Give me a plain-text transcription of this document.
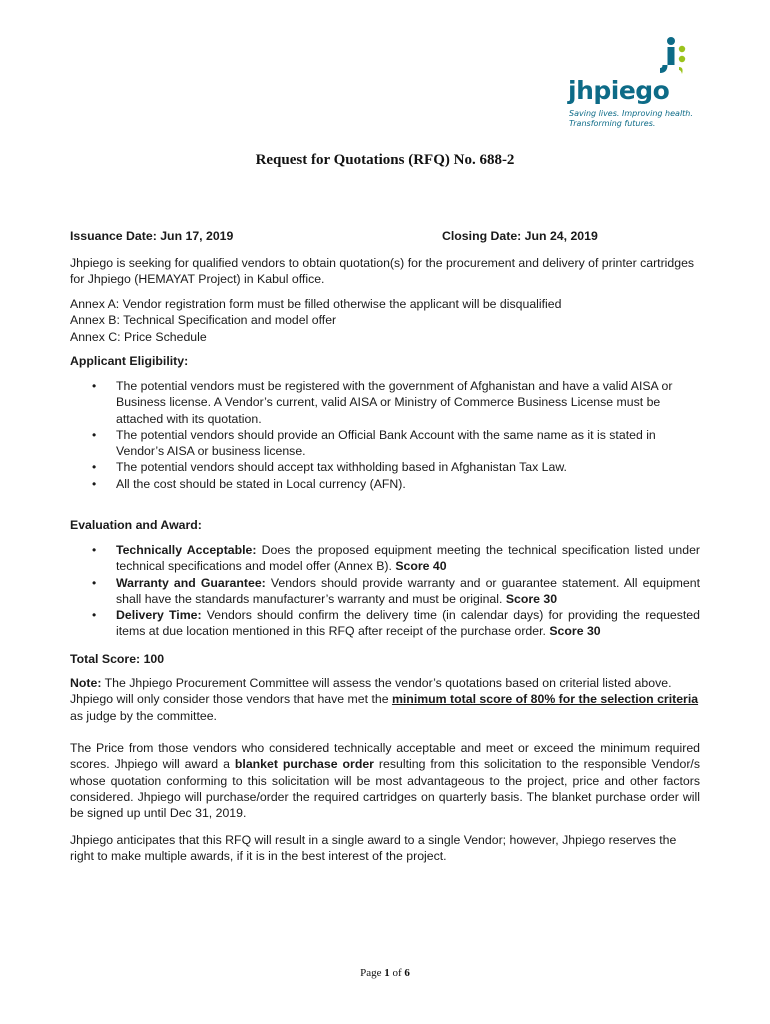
jhpiego
Saving lives. Improving health.
Transforming futures.
Request for Quotations (RFQ) No. 688-2
Issuance Date: Jun 17, 2019	Closing Date: Jun 24, 2019

Jhpiego is seeking for qualified vendors to obtain quotation(s) for the procurement and delivery of printer cartridges for Jhpiego (HEMAYAT Project) in Kabul office.

Annex A: Vendor registration form must be filled otherwise the applicant will be disqualified

Annex B: Technical Specification and model offer

Annex C: Price Schedule

Applicant Eligibility:

• The potential vendors must be registered with the government of Afghanistan and have a valid AISA or Business license. A Vendor’s current, valid AISA or Ministry of Commerce Business License must be attached with its quotation.
• The potential vendors should provide an Official Bank Account with the same name as it is stated in Vendor’s AISA or business license.
• The potential vendors should accept tax withholding based in Afghanistan Tax Law.
• All the cost should be stated in Local currency (AFN).

Evaluation and Award:

• Technically Acceptable: Does the proposed equipment meeting the technical specification listed under technical specifications and model offer (Annex B). Score 40
• Warranty and Guarantee: Vendors should provide warranty and or guarantee statement. All equipment shall have the standards manufacturer’s warranty and must be original. Score 30
• Delivery Time: Vendors should confirm the delivery time (in calendar days) for providing the requested items at due location mentioned in this RFQ after receipt of the purchase order. Score 30

Total Score: 100

Note: The Jhpiego Procurement Committee will assess the vendor’s quotations based on criterial listed above. Jhpiego will only consider those vendors that have met the minimum total score of 80% for the selection criteria as judge by the committee.

The Price from those vendors who considered technically acceptable and meet or exceed the minimum required scores. Jhpiego will award a blanket purchase order resulting from this solicitation to the responsible Vendor/s whose quotation conforming to this solicitation will be most advantageous to the project, price and other factors considered. Jhpiego will purchase/order the required cartridges on quarterly basis. The blanket purchase order will be signed up until Dec 31, 2019.

Jhpiego anticipates that this RFQ will result in a single award to a single Vendor; however, Jhpiego reserves the right to make multiple awards, if it is in the best interest of the project.

Page 1 of 6
